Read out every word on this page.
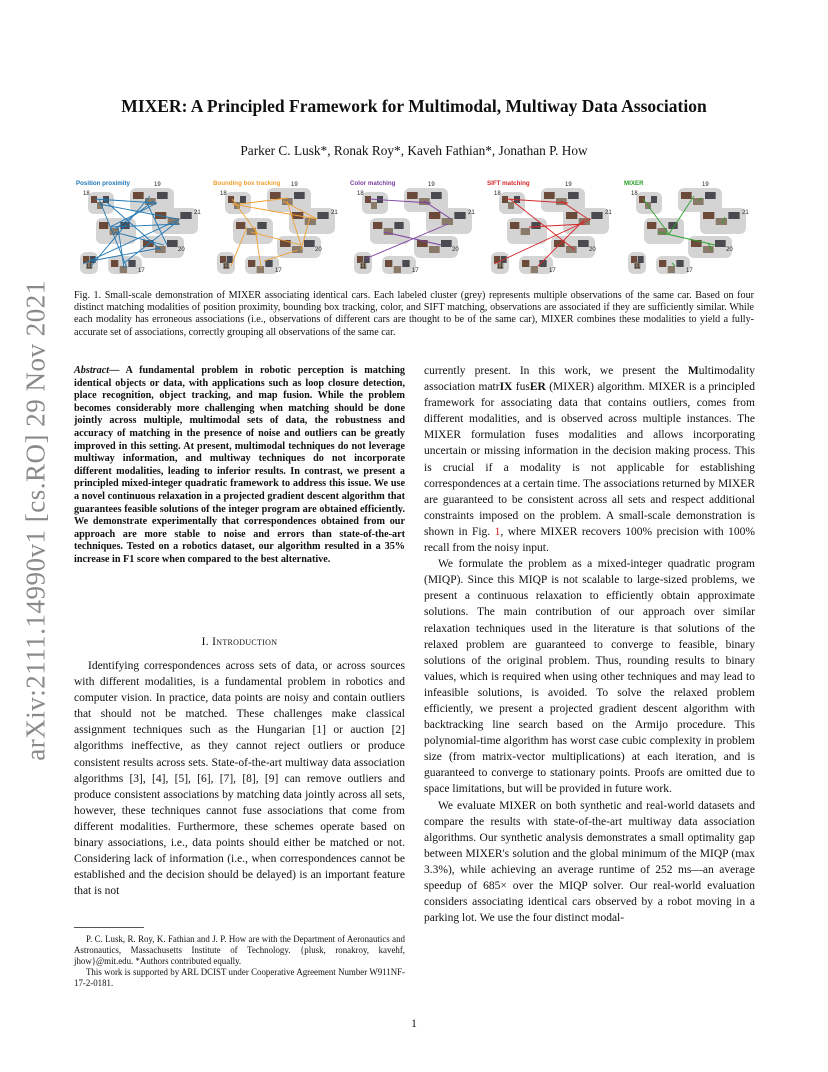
arXiv:2111.14990v1 [cs.RO] 29 Nov 2021
MIXER: A Principled Framework for Multimodal, Multiway Data Association
Parker C. Lusk*, Ronak Roy*, Kaveh Fathian*, Jonathan P. How
18
19
21
20
11
17
Position proximity
18
19
21
20
11
17
Bounding box tracking
18
19
21
20
11
17
Color matching
18
19
21
20
11
17
SIFT matching
18
19
21
20
11
17
MIXER
Fig. 1. Small-scale demonstration of MIXER associating identical cars. Each labeled cluster (grey) represents multiple observations of the same car. Based on four distinct matching modalities of position proximity, bounding box tracking, color, and SIFT matching, observations are associated if they are sufficiently similar. While each modality has erroneous associations (i.e., observations of different cars are thought to be of the same car), MIXER combines these modalities to yield a fully-accurate set of associations, correctly grouping all observations of the same car.
Abstract— A fundamental problem in robotic perception is matching identical objects or data, with applications such as loop closure detection, place recognition, object tracking, and map fusion. While the problem becomes considerably more challenging when matching should be done jointly across multiple, multimodal sets of data, the robustness and accuracy of matching in the presence of noise and outliers can be greatly improved in this setting. At present, multimodal techniques do not leverage multiway information, and multiway techniques do not incorporate different modalities, leading to inferior results. In contrast, we present a principled mixed-integer quadratic framework to address this issue. We use a novel continuous relaxation in a projected gradient descent algorithm that guarantees feasible solutions of the integer program are obtained efficiently. We demonstrate experimentally that correspondences obtained from our approach are more stable to noise and errors than state-of-the-art techniques. Tested on a robotics dataset, our algorithm resulted in a 35% increase in F1 score when compared to the best alternative.
I. Introduction
Identifying correspondences across sets of data, or across sources with different modalities, is a fundamental problem in robotics and computer vision. In practice, data points are noisy and contain outliers that should not be matched. These challenges make classical assignment techniques such as the Hungarian [1] or auction [2] algorithms ineffective, as they cannot reject outliers or produce consistent results across sets. State-of-the-art multiway data association algorithms [3], [4], [5], [6], [7], [8], [9] can remove outliers and produce consistent associations by matching data jointly across all sets, however, these techniques cannot fuse associations that come from different modalities. Furthermore, these schemes operate based on binary associations, i.e., data points should either be matched or not. Considering lack of information (i.e., when correspondences cannot be established and the decision should be delayed) is an important feature that is not

P. C. Lusk, R. Roy, K. Fathian and J. P. How are with the Department of Aeronautics and Astronautics, Massachusetts Institute of Technology. {plusk, ronakroy, kavehf, jhow}@mit.edu. *Authors contributed equally.

This work is supported by ARL DCIST under Cooperative Agreement Number W911NF-17-2-0181.

currently present. In this work, we present the Multimodality association matrIX fusER (MIXER) algorithm. MIXER is a principled framework for associating data that contains outliers, comes from different modalities, and is observed across multiple instances. The MIXER formulation fuses modalities and allows incorporating uncertain or missing information in the decision making process. This is crucial if a modality is not applicable for establishing correspondences at a certain time. The associations returned by MIXER are guaranteed to be consistent across all sets and respect additional constraints imposed on the problem. A small-scale demonstration is shown in Fig. 1, where MIXER recovers 100% precision with 100% recall from the noisy input.

We formulate the problem as a mixed-integer quadratic program (MIQP). Since this MIQP is not scalable to large-sized problems, we present a continuous relaxation to efficiently obtain approximate solutions. The main contribution of our approach over similar relaxation techniques used in the literature is that solutions of the relaxed problem are guaranteed to converge to feasible, binary solutions of the original problem. Thus, rounding results to binary values, which is required when using other techniques and may lead to infeasible solutions, is avoided. To solve the relaxed problem efficiently, we present a projected gradient descent algorithm with backtracking line search based on the Armijo procedure. This polynomial-time algorithm has worst case cubic complexity in problem size (from matrix-vector multiplications) at each iteration, and is guaranteed to converge to stationary points. Proofs are omitted due to space limitations, but will be provided in future work.

We evaluate MIXER on both synthetic and real-world datasets and compare the results with state-of-the-art multiway data association algorithms. Our synthetic analysis demonstrates a small optimality gap between MIXER's solution and the global minimum of the MIQP (max 3.3%), while achieving an average runtime of 252 ms—an average speedup of 685× over the MIQP solver. Our real-world evaluation considers associating identical cars observed by a robot moving in a parking lot. We use the four distinct modal-

1
